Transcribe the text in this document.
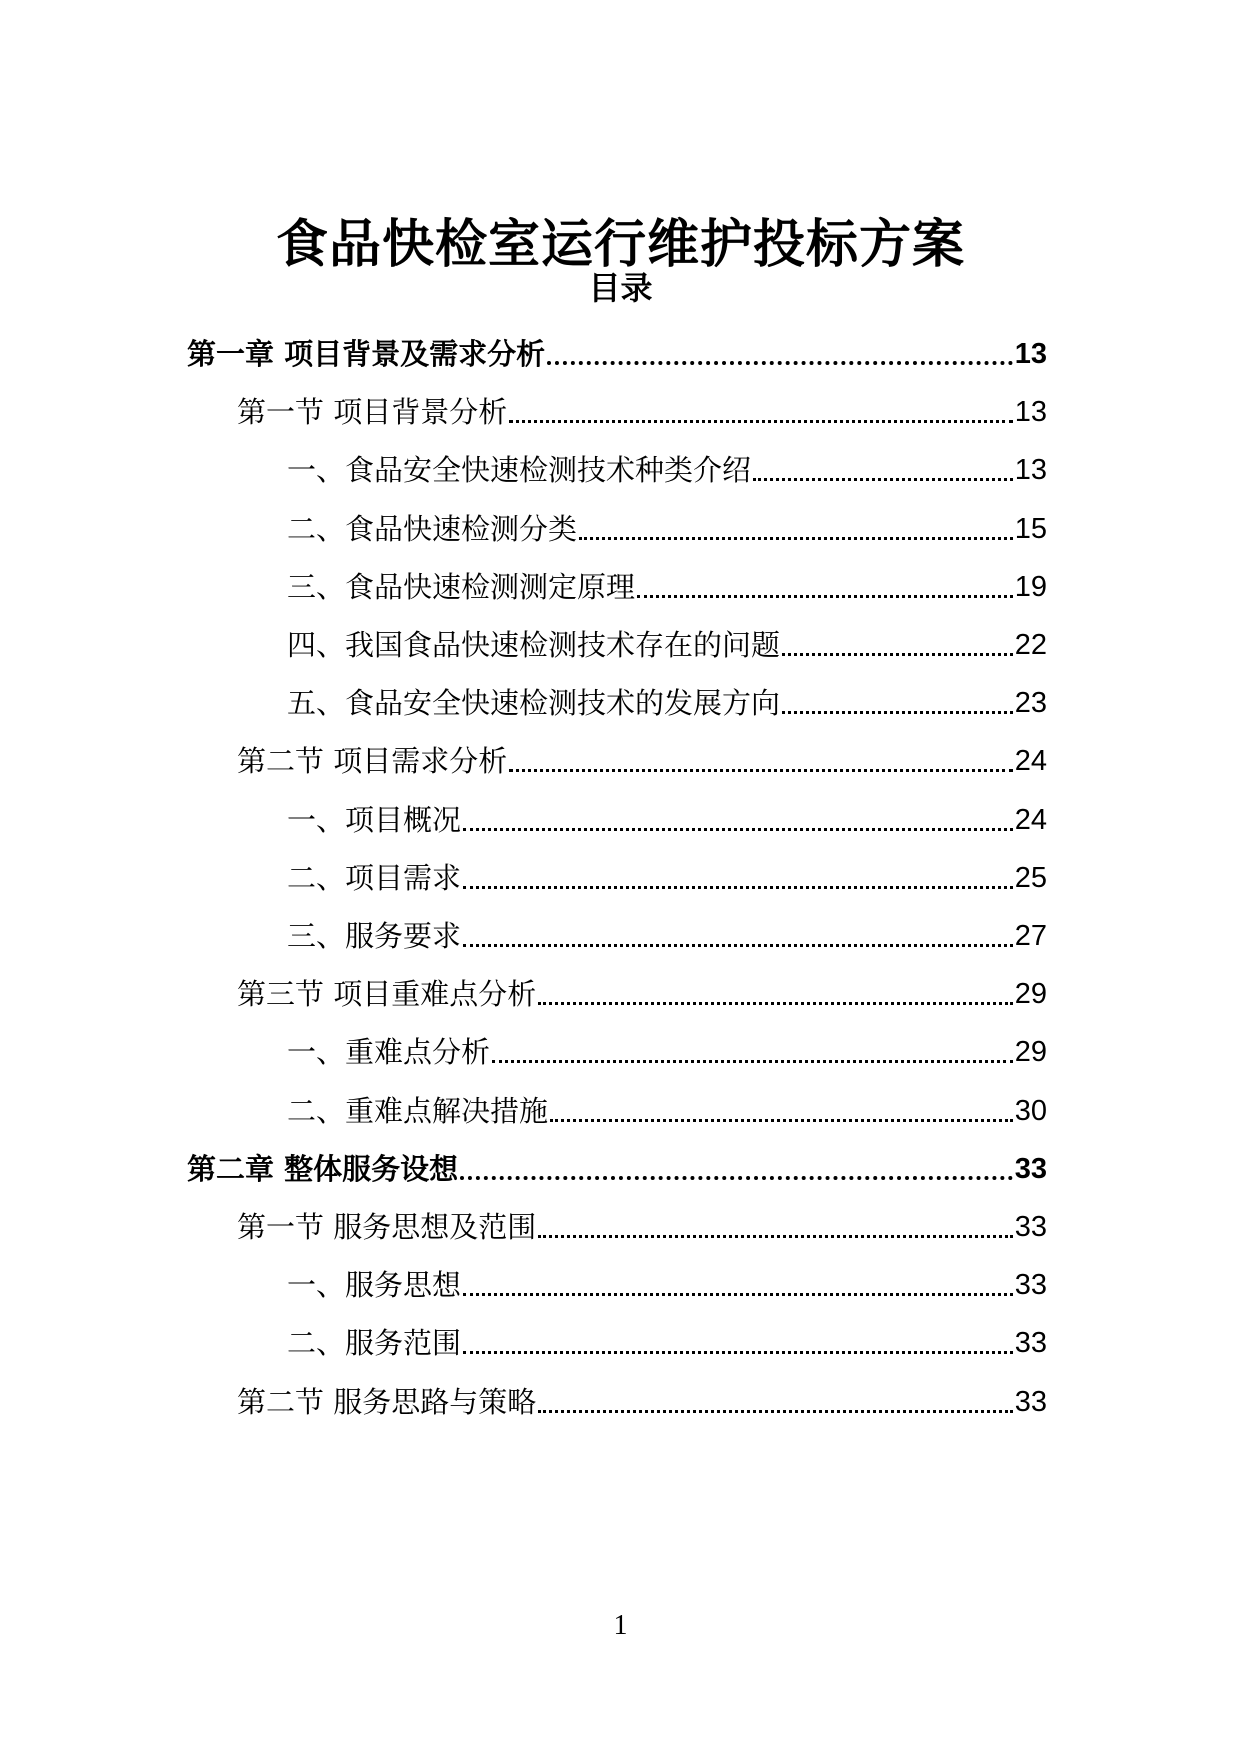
食品快检室运行维护投标方案
目录
第一章 项目背景及需求分析	13
第一节 项目背景分析	13
一、食品安全快速检测技术种类介绍	13
二、食品快速检测分类	15
三、食品快速检测测定原理	19
四、我国食品快速检测技术存在的问题	22
五、食品安全快速检测技术的发展方向	23
第二节 项目需求分析	24
一、项目概况	24
二、项目需求	25
三、服务要求	27
第三节 项目重难点分析	29
一、重难点分析	29
二、重难点解决措施	30
第二章 整体服务设想	33
第一节 服务思想及范围	33
一、服务思想	33
二、服务范围	33
第二节 服务思路与策略	33
1
